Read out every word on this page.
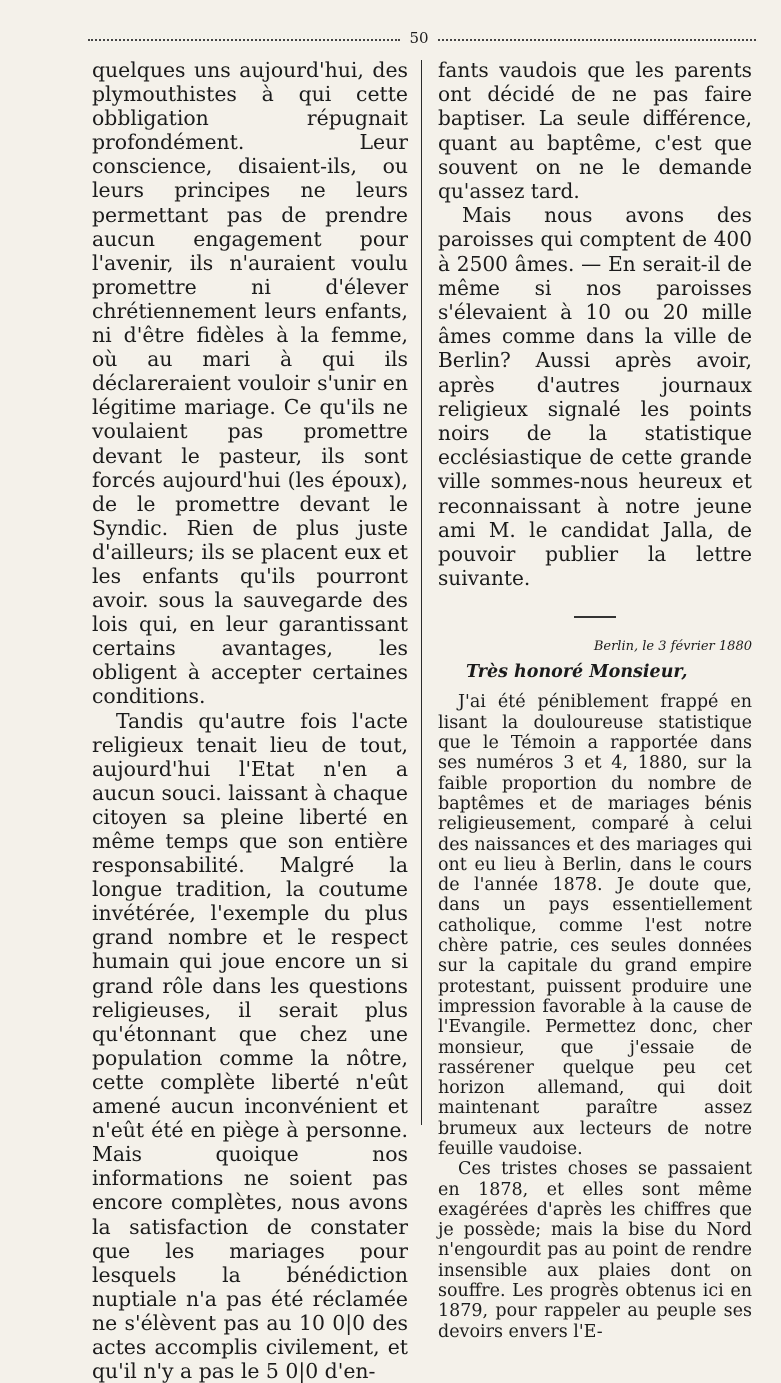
50

quelques uns aujourd'hui, des plymouthistes à qui cette obbligation répugnait profondément. Leur conscience, disaient-ils, ou leurs principes ne leurs permettant pas de prendre aucun engagement pour l'avenir, ils n'auraient voulu promettre ni d'élever chrétiennement leurs enfants, ni d'être fidèles à la femme, où au mari à qui ils déclareraient vouloir s'unir en légitime mariage. Ce qu'ils ne voulaient pas promettre devant le pasteur, ils sont forcés aujourd'hui (les époux), de le promettre devant le Syndic. Rien de plus juste d'ailleurs; ils se placent eux et les enfants qu'ils pourront avoir. sous la sauvegarde des lois qui, en leur garantissant certains avantages, les obligent à accepter certaines conditions.

Tandis qu'autre fois l'acte religieux tenait lieu de tout, aujourd'hui l'Etat n'en a aucun souci. laissant à chaque citoyen sa pleine liberté en même temps que son entière responsabilité. Malgré la longue tradition, la coutume invétérée, l'exemple du plus grand nombre et le respect humain qui joue encore un si grand rôle dans les questions religieuses, il serait plus qu'étonnant que chez une population comme la nôtre, cette complète liberté n'eût amené aucun inconvénient et n'eût été en piège à personne. Mais quoique nos informations ne soient pas encore complètes, nous avons la satisfaction de constater que les mariages pour lesquels la bénédiction nuptiale n'a pas été réclamée ne s'élèvent pas au 10 0|0 des actes accomplis civilement, et qu'il n'y a pas le 5 0|0 d'en-

fants vaudois que les parents ont décidé de ne pas faire baptiser. La seule différence, quant au baptême, c'est que souvent on ne le demande qu'assez tard.

Mais nous avons des paroisses qui comptent de 400 à 2500 âmes. — En serait-il de même si nos paroisses s'élevaient à 10 ou 20 mille âmes comme dans la ville de Berlin? Aussi après avoir, après d'autres journaux religieux signalé les points noirs de la statistique ecclésiastique de cette grande ville sommes-nous heureux et reconnaissant à notre jeune ami M. le candidat Jalla, de pouvoir publier la lettre suivante.

Berlin, le 3 février 1880

Très honoré Monsieur,

J'ai été péniblement frappé en lisant la douloureuse statistique que le Témoin a rapportée dans ses numéros 3 et 4, 1880, sur la faible proportion du nombre de baptêmes et de mariages bénis religieusement, comparé à celui des naissances et des mariages qui ont eu lieu à Berlin, dans le cours de l'année 1878. Je doute que, dans un pays essentiellement catholique, comme l'est notre chère patrie, ces seules données sur la capitale du grand empire protestant, puissent produire une impression favorable à la cause de l'Evangile. Permettez donc, cher monsieur, que j'essaie de rassérener quelque peu cet horizon allemand, qui doit maintenant paraître assez brumeux aux lecteurs de notre feuille vaudoise.

Ces tristes choses se passaient en 1878, et elles sont même exagérées d'après les chiffres que je possède; mais la bise du Nord n'engourdit pas au point de rendre insensible aux plaies dont on souffre. Les progrès obtenus ici en 1879, pour rappeler au peuple ses devoirs envers l'E-
